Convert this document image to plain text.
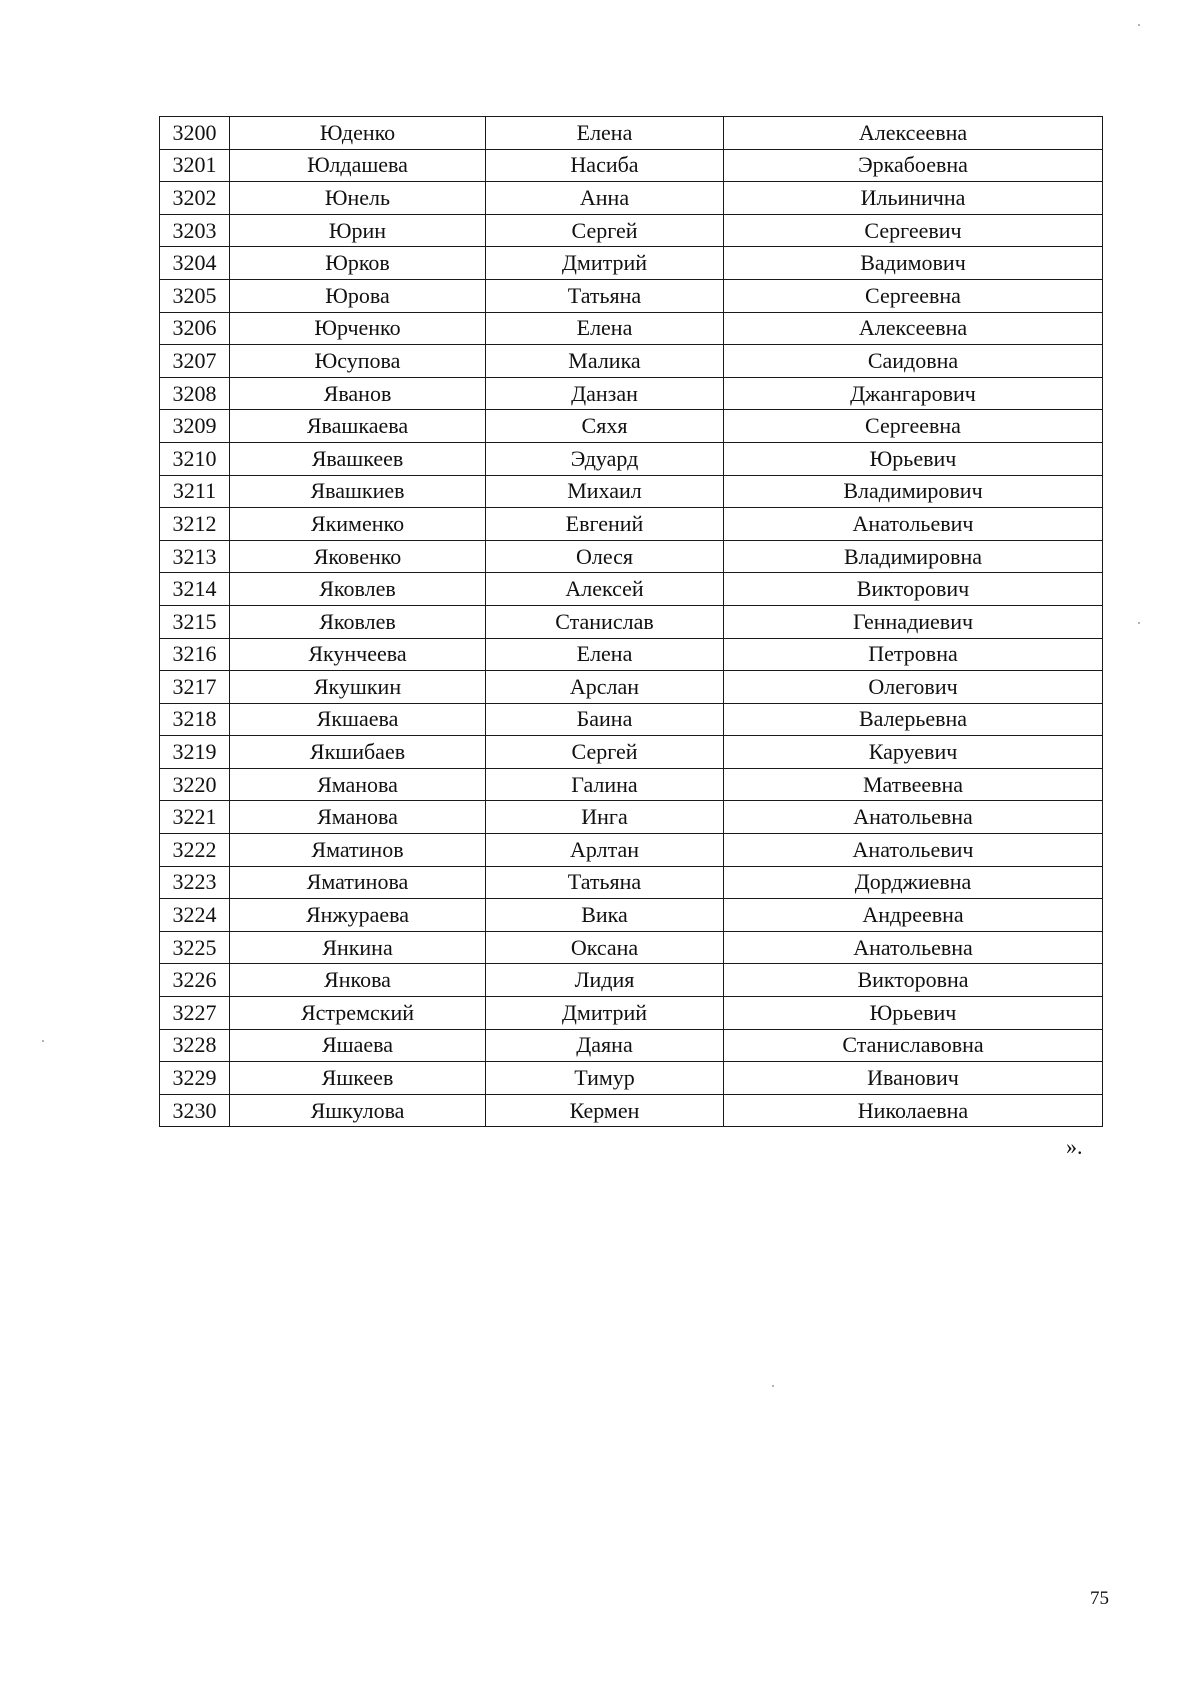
3200	Юденко	Елена	Алексеевна
3201	Юлдашева	Насиба	Эркабоевна
3202	Юнель	Анна	Ильинична
3203	Юрин	Сергей	Сергеевич
3204	Юрков	Дмитрий	Вадимович
3205	Юрова	Татьяна	Сергеевна
3206	Юрченко	Елена	Алексеевна
3207	Юсупова	Малика	Саидовна
3208	Яванов	Данзан	Джангарович
3209	Явашкаева	Сяхя	Сергеевна
3210	Явашкеев	Эдуард	Юрьевич
3211	Явашкиев	Михаил	Владимирович
3212	Якименко	Евгений	Анатольевич
3213	Яковенко	Олеся	Владимировна
3214	Яковлев	Алексей	Викторович
3215	Яковлев	Станислав	Геннадиевич
3216	Якунчеева	Елена	Петровна
3217	Якушкин	Арслан	Олегович
3218	Якшаева	Баина	Валерьевна
3219	Якшибаев	Сергей	Каруевич
3220	Яманова	Галина	Матвеевна
3221	Яманова	Инга	Анатольевна
3222	Яматинов	Арлтан	Анатольевич
3223	Яматинова	Татьяна	Дорджиевна
3224	Янжураева	Вика	Андреевна
3225	Янкина	Оксана	Анатольевна
3226	Янкова	Лидия	Викторовна
3227	Ястремский	Дмитрий	Юрьевич
3228	Яшаева	Даяна	Станиславовна
3229	Яшкеев	Тимур	Иванович
3230	Яшкулова	Кермен	Николаевна
».
75
